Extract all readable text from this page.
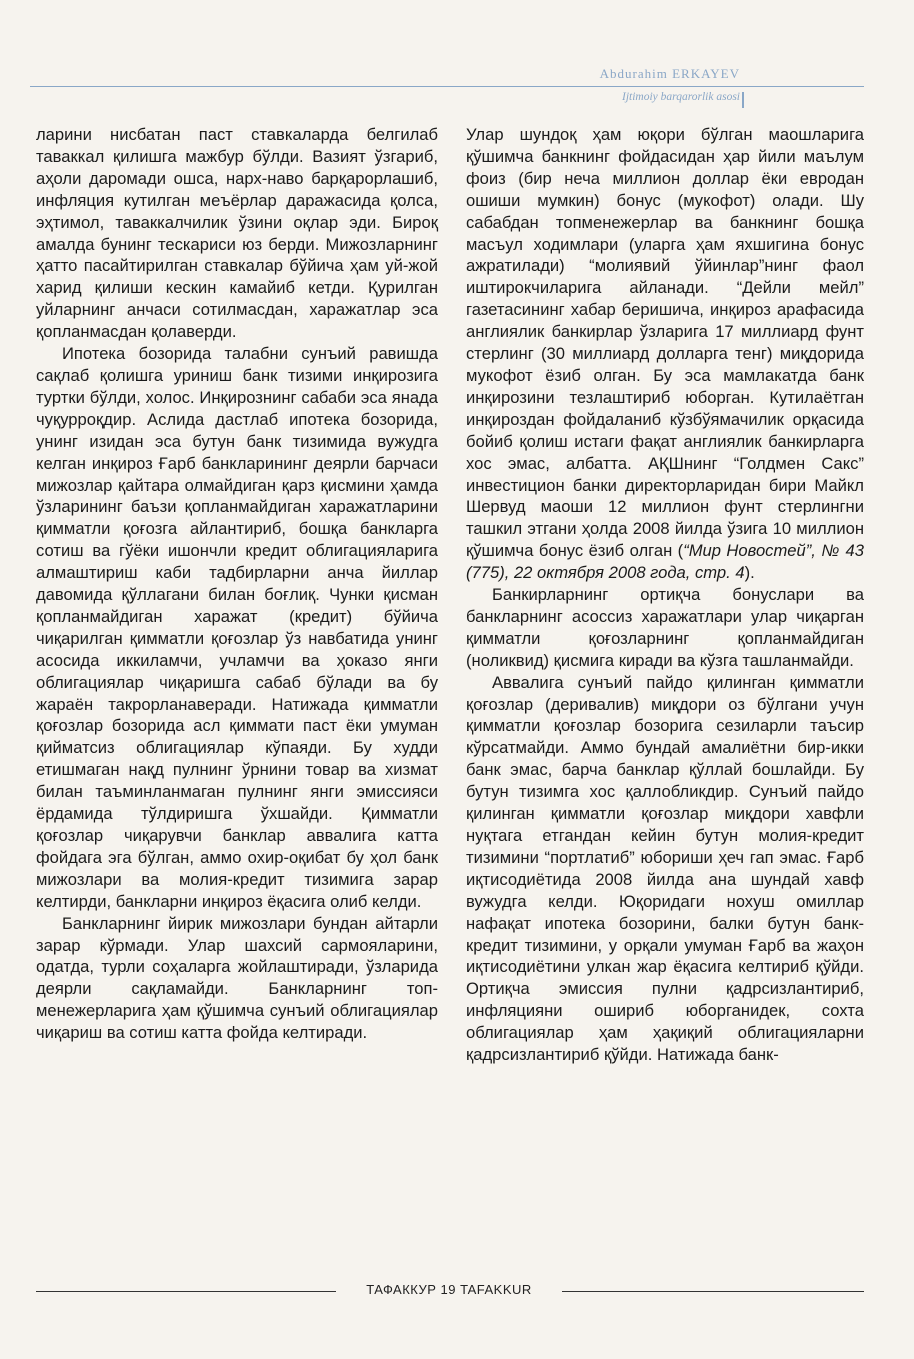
Abdurahim ERKAYEV
Ijtimoiy barqarorlik asosi

ларини нисбатан паст ставкаларда белгилаб таваккал қилишга мажбур бўлди. Вазият ўзгариб, аҳоли даромади ошса, нарх-наво барқарорлашиб, инфляция кутилган меъёрлар даражасида қолса, эҳтимол, таваккалчилик ўзини оқлар эди. Бироқ амалда бунинг тескариси юз берди. Мижозларнинг ҳатто пасайтирилган ставкалар бўйича ҳам уй-жой харид қилиши кескин камайиб кетди. Қурилган уйларнинг анчаси сотилмасдан, харажатлар эса қопланмасдан қолаверди.

Ипотека бозорида талабни сунъий равишда сақлаб қолишга уриниш банк тизими инқирозига туртки бўлди, холос. Инқирознинг сабаби эса янада чуқурроқдир. Аслида дастлаб ипотека бозорида, унинг изидан эса бутун банк тизимида вужудга келган инқироз Ғарб банкларининг деярли барчаси мижозлар қайтара олмайдиган қарз қисмини ҳамда ўзларининг баъзи қопланмайдиган харажатларини қимматли қоғозга айлантириб, бошқа банкларга сотиш ва гўёки ишончли кредит облигацияларига алмаштириш каби тадбирларни анча йиллар давомида қўллагани билан боғлиқ. Чунки қисман қопланмайдиган харажат (кредит) бўйича чиқарилган қимматли қоғозлар ўз навбатида унинг асосида иккиламчи, учламчи ва ҳоказо янги облигациялар чиқаришга сабаб бўлади ва бу жараён такрорланаверади. Натижада қимматли қоғозлар бозорида асл қиммати паст ёки умуман қийматсиз облигациялар кўпаяди. Бу худди етишмаган нақд пулнинг ўрнини товар ва хизмат билан таъминланмаган пулнинг янги эмиссияси ёрдамида тўлдиришга ўхшайди. Қимматли қоғозлар чиқарувчи банклар аввалига катта фойдага эга бўлган, аммо охир-оқибат бу ҳол банк мижозлари ва молия-кредит тизимига зарар келтирди, банкларни инқироз ёқасига олиб келди.

Банкларнинг йирик мижозлари бундан айтарли зарар кўрмади. Улар шахсий сармояларини, одатда, турли соҳаларга жойлаштиради, ўзларида деярли сақламайди. Банкларнинг топ-менежерларига ҳам қўшимча сунъий облигациялар чиқариш ва сотиш катта фойда келтиради.

Улар шундоқ ҳам юқори бўлган маошларига қўшимча банкнинг фойдасидан ҳар йили маълум фоиз (бир неча миллион доллар ёки евродан ошиши мумкин) бонус (мукофот) олади. Шу сабабдан топменежерлар ва банкнинг бошқа масъул ходимлари (уларга ҳам яхшигина бонус ажратилади) “молиявий ўйинлар”нинг фаол иштирокчиларига айланади. “Дейли мейл” газетасининг хабар беришича, инқироз арафасида англиялик банкирлар ўзларига 17 миллиард фунт стерлинг (30 миллиард долларга тенг) миқдорида мукофот ёзиб олган. Бу эса мамлакатда банк инқирозини тезлаштириб юборган. Кутилаётган инқироздан фойдаланиб кўзбўямачилик орқасида бойиб қолиш истаги фақат англиялик банкирларга хос эмас, албатта. АҚШнинг “Голдмен Сакс” инвестицион банки директорларидан бири Майкл Шервуд маоши 12 миллион фунт стерлингни ташкил этгани ҳолда 2008 йилда ўзига 10 миллион қўшимча бонус ёзиб олган (“Мир Новостей”, № 43 (775), 22 октября 2008 года, стр. 4).

Банкирларнинг ортиқча бонуслари ва банкларнинг асоссиз харажатлари улар чиқарган қимматли қоғозларнинг қопланмайдиган (ноликвид) қисмига киради ва кўзга ташланмайди.

Аввалига сунъий пайдо қилинган қимматли қоғозлар (деривалив) миқдори оз бўлгани учун қимматли қоғозлар бозорига сезиларли таъсир кўрсатмайди. Аммо бундай амалиётни бир-икки банк эмас, барча банклар қўллай бошлайди. Бу бутун тизимга хос қаллобликдир. Сунъий пайдо қилинган қимматли қоғозлар миқдори хавфли нуқтага етгандан кейин бутун молия-кредит тизимини “портлатиб” юбориши ҳеч гап эмас. Ғарб иқтисодиётида 2008 йилда ана шундай хавф вужудга келди. Юқоридаги нохуш омиллар нафақат ипотека бозорини, балки бутун банк-кредит тизимини, у орқали умуман Ғарб ва жаҳон иқтисодиётини улкан жар ёқасига келтириб қўйди. Ортиқча эмиссия пулни қадрсизлантириб, инфляцияни ошириб юборганидек, сохта облигациялар ҳам ҳақиқий облигацияларни қадрсизлантириб қўйди. Натижада банк-

ТАФАККУР 19 TAFAKKUR
